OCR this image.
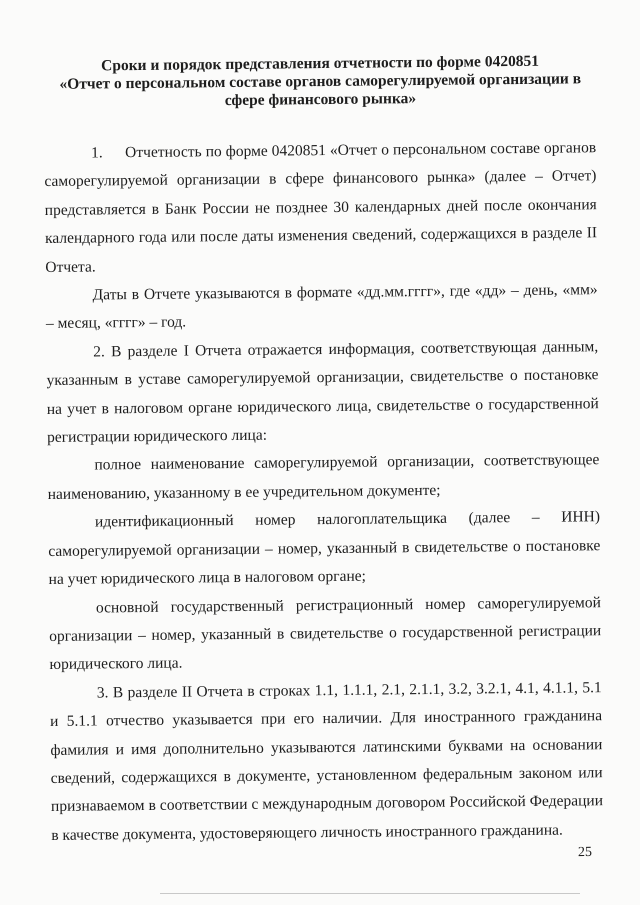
Сроки и порядок представления отчетности по форме 0420851
«Отчет о персональном составе органов саморегулируемой организации в
сфере финансового рынка»

1. Отчетность по форме 0420851 «Отчет о персональном составе органов саморегулируемой организации в сфере финансового рынка» (далее – Отчет) представляется в Банк России не позднее 30 календарных дней после окончания календарного года или после даты изменения сведений, содержащихся в разделе II Отчета.

Даты в Отчете указываются в формате «дд.мм.гггг», где «дд» – день, «мм» – месяц, «гггг» – год.

2. В разделе I Отчета отражается информация, соответствующая данным, указанным в уставе саморегулируемой организации, свидетельстве о постановке на учет в налоговом органе юридического лица, свидетельстве о государственной регистрации юридического лица:

полное наименование саморегулируемой организации, соответствующее наименованию, указанному в ее учредительном документе;

идентификационный номер налогоплательщика (далее – ИНН) саморегулируемой организации – номер, указанный в свидетельстве о постановке на учет юридического лица в налоговом органе;

основной государственный регистрационный номер саморегулируемой организации – номер, указанный в свидетельстве о государственной регистрации юридического лица.

3. В разделе II Отчета в строках 1.1, 1.1.1, 2.1, 2.1.1, 3.2, 3.2.1, 4.1, 4.1.1, 5.1 и 5.1.1 отчество указывается при его наличии. Для иностранного гражданина фамилия и имя дополнительно указываются латинскими буквами на основании сведений, содержащихся в документе, установленном федеральным законом или признаваемом в соответствии с международным договором Российской Федерации в качестве документа, удостоверяющего личность иностранного гражданина.

25
